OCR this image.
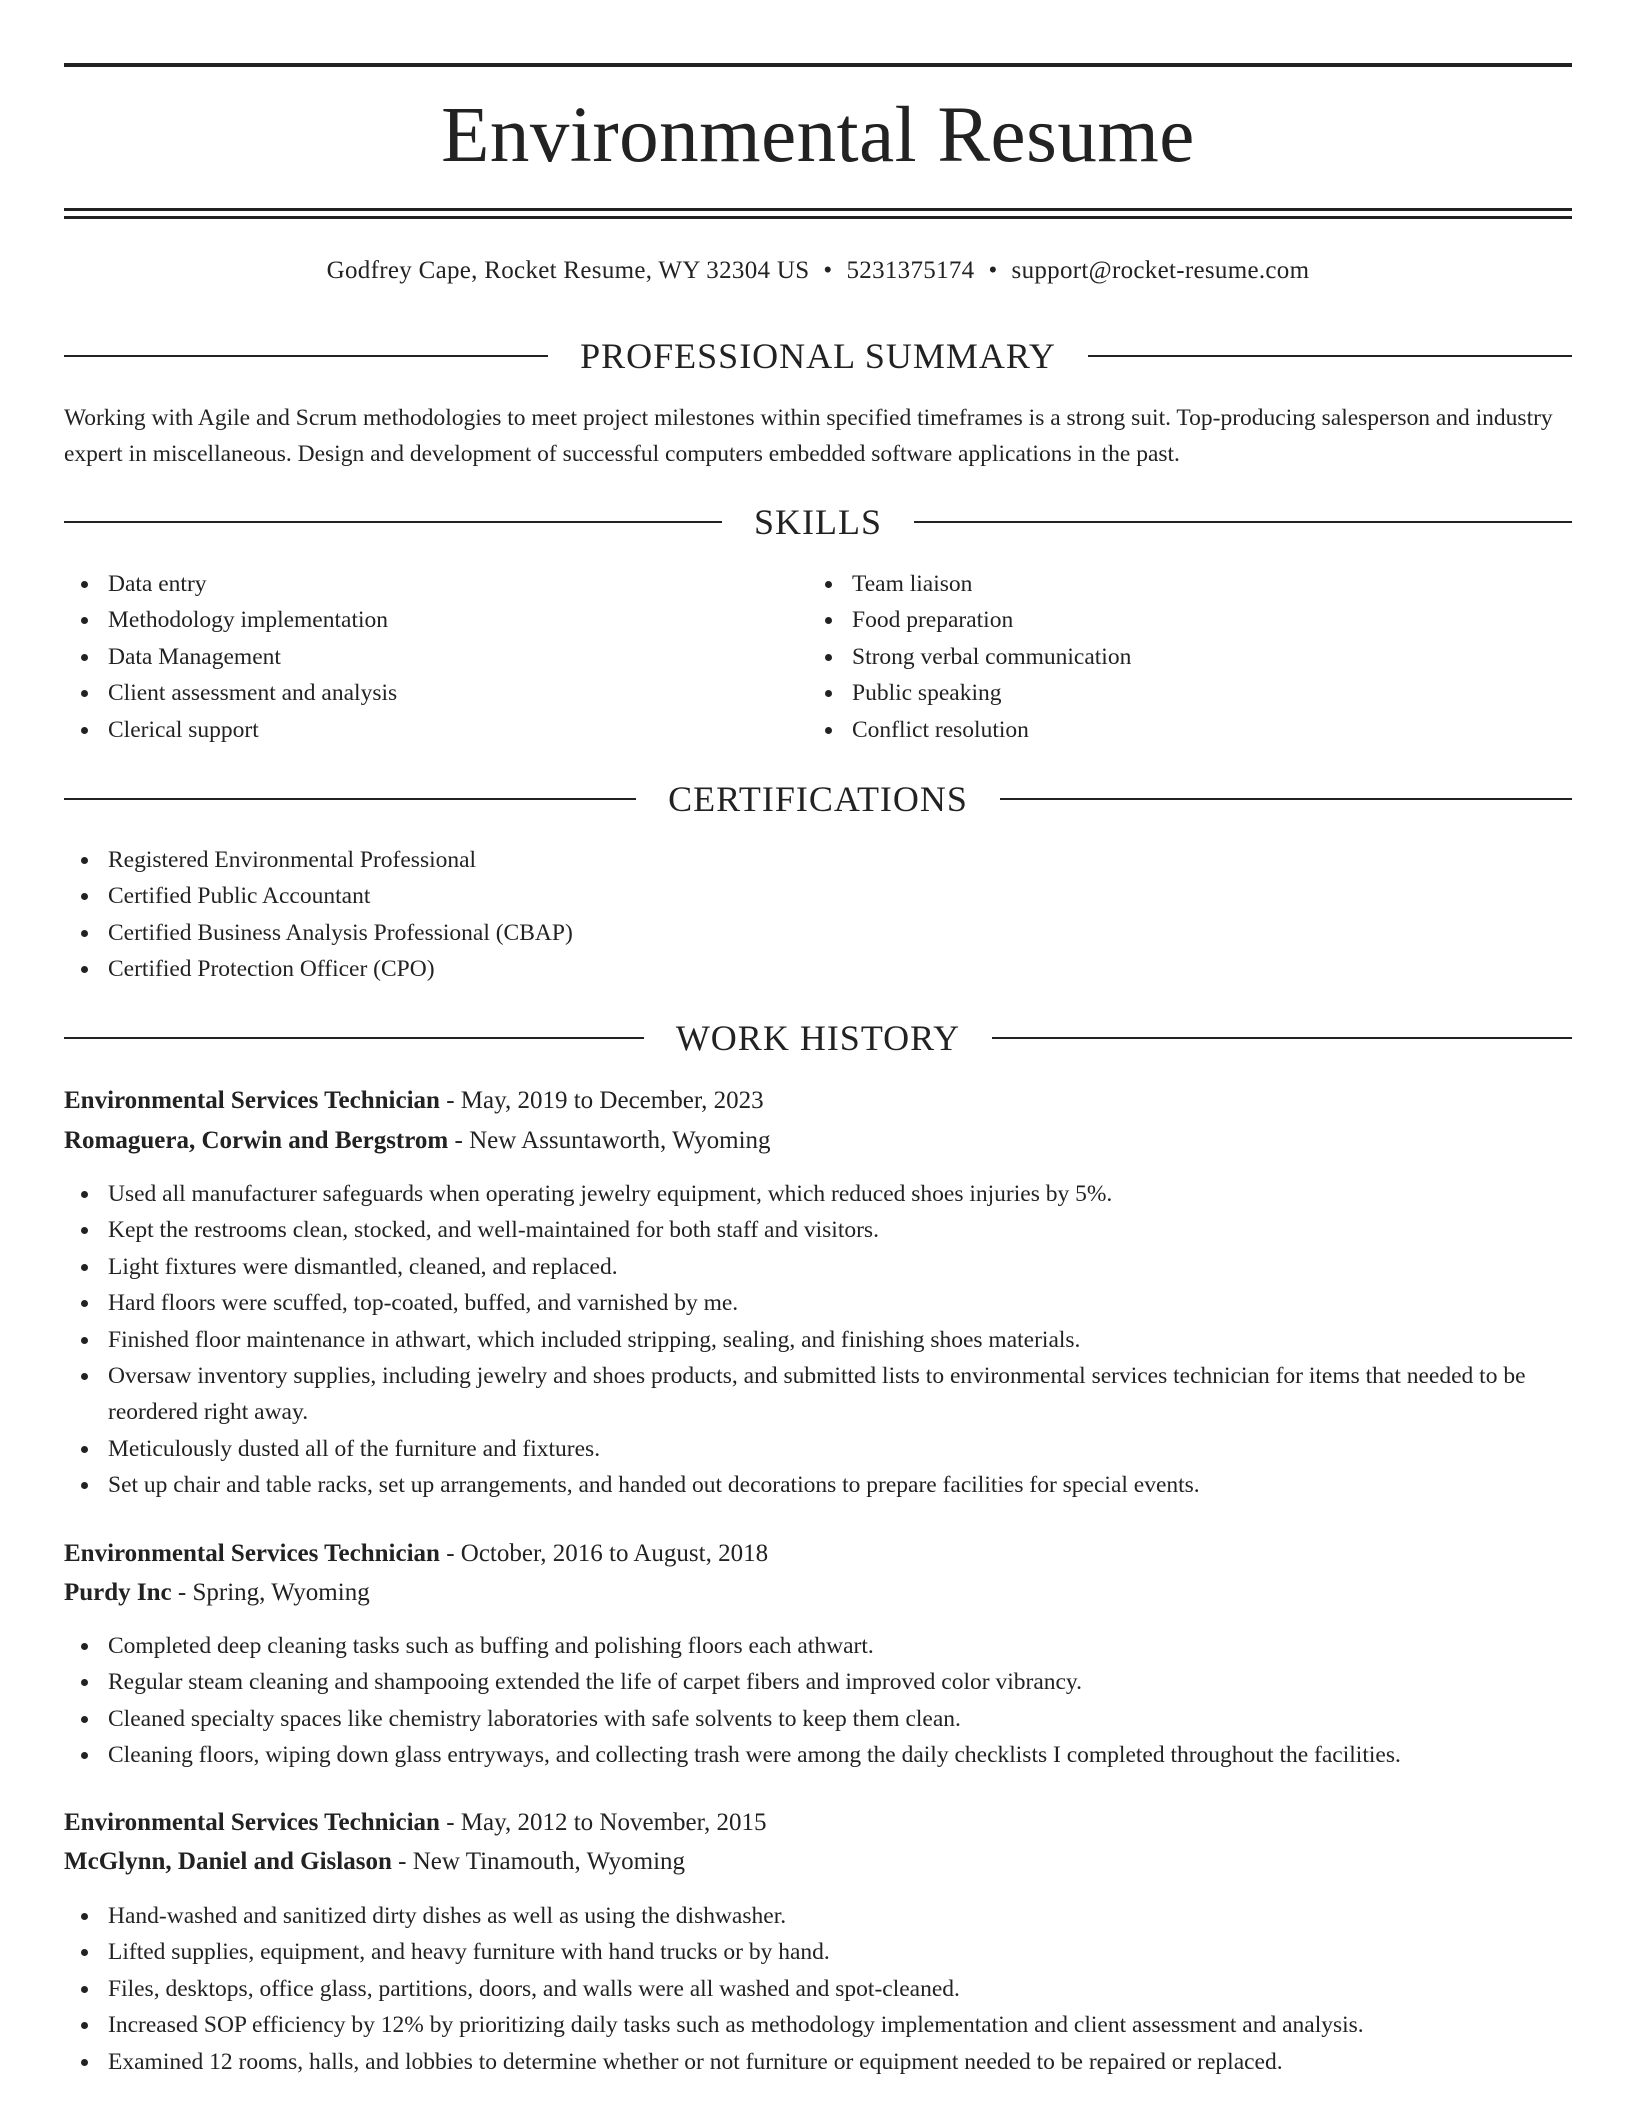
Environmental Resume
Godfrey Cape, Rocket Resume, WY 32304 US • 5231375174 • support@rocket-resume.com
PROFESSIONAL SUMMARY
Working with Agile and Scrum methodologies to meet project milestones within specified timeframes is a strong suit. Top-producing salesperson and industry expert in miscellaneous. Design and development of successful computers embedded software applications in the past.
SKILLS
Data entry
Methodology implementation
Data Management
Client assessment and analysis
Clerical support
Team liaison
Food preparation
Strong verbal communication
Public speaking
Conflict resolution
CERTIFICATIONS
Registered Environmental Professional
Certified Public Accountant
Certified Business Analysis Professional (CBAP)
Certified Protection Officer (CPO)
WORK HISTORY
Environmental Services Technician - May, 2019 to December, 2023
Romaguera, Corwin and Bergstrom - New Assuntaworth, Wyoming
Used all manufacturer safeguards when operating jewelry equipment, which reduced shoes injuries by 5%.
Kept the restrooms clean, stocked, and well-maintained for both staff and visitors.
Light fixtures were dismantled, cleaned, and replaced.
Hard floors were scuffed, top-coated, buffed, and varnished by me.
Finished floor maintenance in athwart, which included stripping, sealing, and finishing shoes materials.
Oversaw inventory supplies, including jewelry and shoes products, and submitted lists to environmental services technician for items that needed to be reordered right away.
Meticulously dusted all of the furniture and fixtures.
Set up chair and table racks, set up arrangements, and handed out decorations to prepare facilities for special events.
Environmental Services Technician - October, 2016 to August, 2018
Purdy Inc - Spring, Wyoming
Completed deep cleaning tasks such as buffing and polishing floors each athwart.
Regular steam cleaning and shampooing extended the life of carpet fibers and improved color vibrancy.
Cleaned specialty spaces like chemistry laboratories with safe solvents to keep them clean.
Cleaning floors, wiping down glass entryways, and collecting trash were among the daily checklists I completed throughout the facilities.
Environmental Services Technician - May, 2012 to November, 2015
McGlynn, Daniel and Gislason - New Tinamouth, Wyoming
Hand-washed and sanitized dirty dishes as well as using the dishwasher.
Lifted supplies, equipment, and heavy furniture with hand trucks or by hand.
Files, desktops, office glass, partitions, doors, and walls were all washed and spot-cleaned.
Increased SOP efficiency by 12% by prioritizing daily tasks such as methodology implementation and client assessment and analysis.
Examined 12 rooms, halls, and lobbies to determine whether or not furniture or equipment needed to be repaired or replaced.
